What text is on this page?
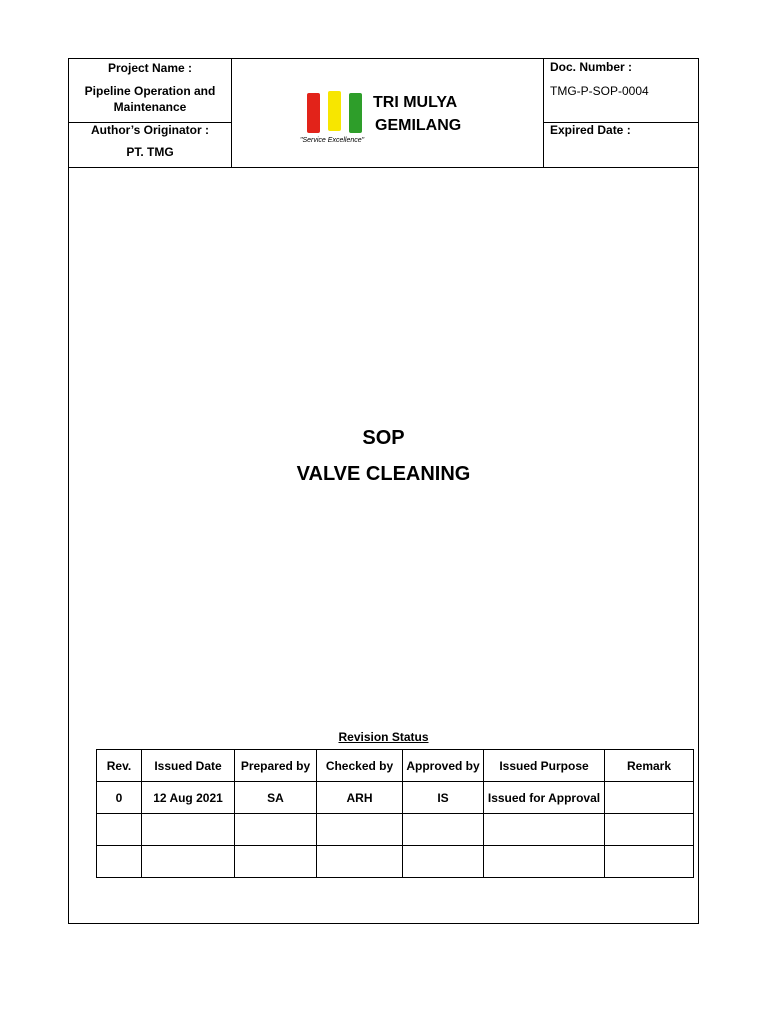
Project Name :
Pipeline Operation and Maintenance
Author’s Originator :
PT. TMG
TRI MULYA
GEMILANG
"Service Excellence"
Doc. Number :
TMG-P-SOP-0004
Expired Date :
SOP
VALVE CLEANING
Revision Status
Rev.	Issued Date	Prepared by	Checked by	Approved by	Issued Purpose	Remark
0	12 Aug 2021	SA	ARH	IS	Issued for Approval	
